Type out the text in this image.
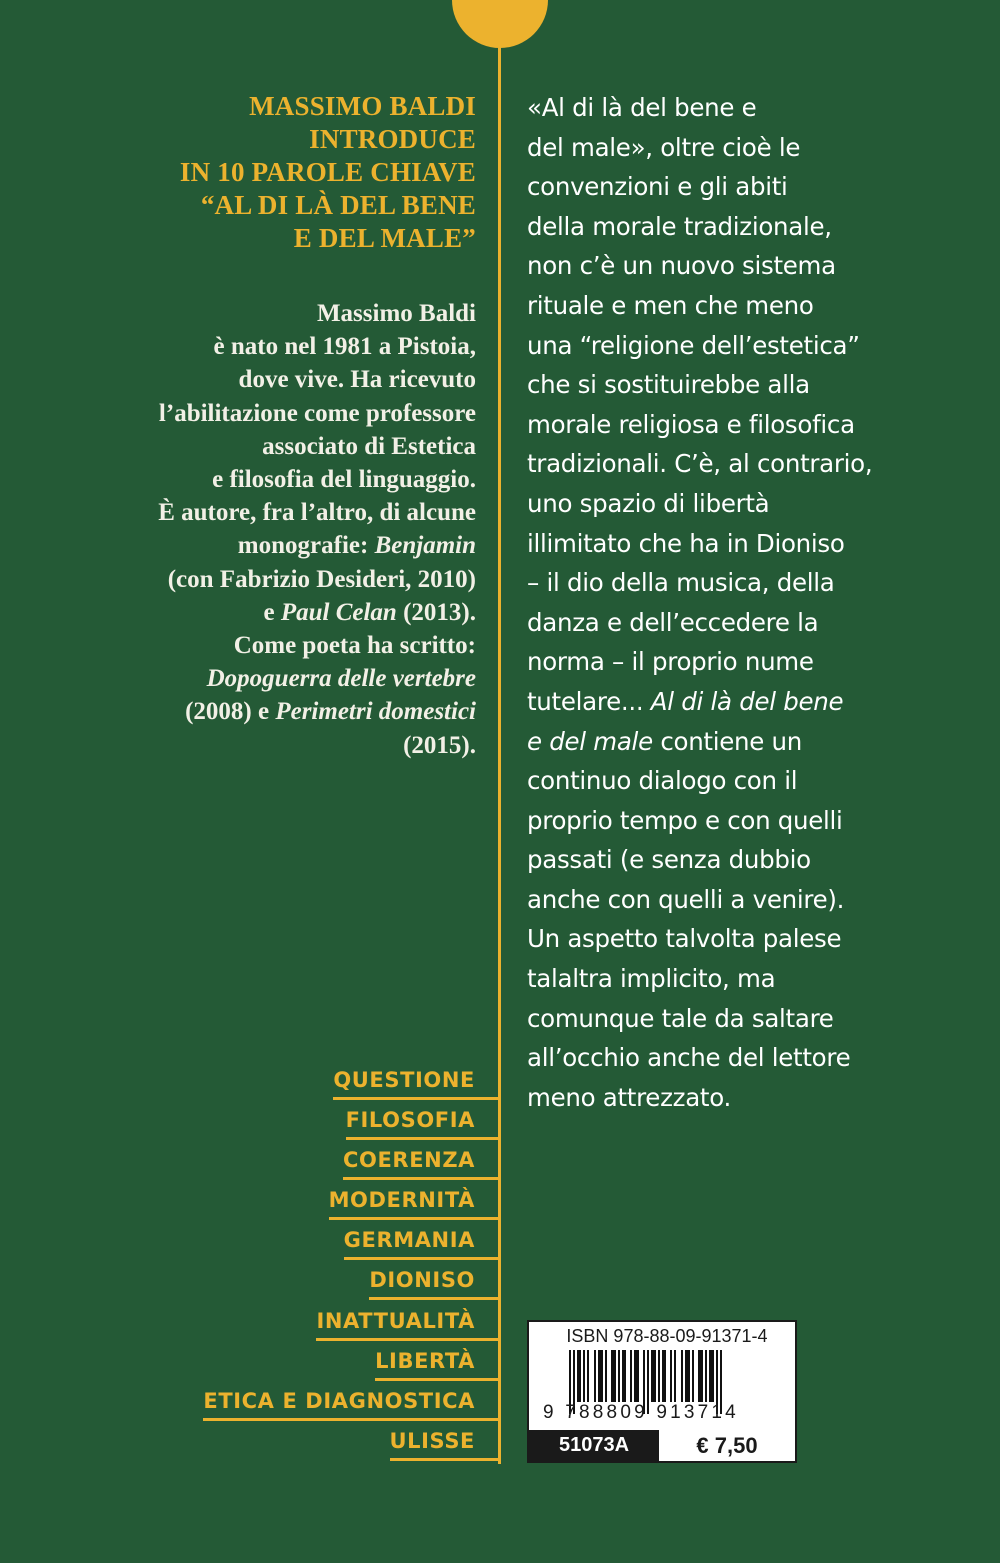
MASSIMO BALDI
INTRODUCE
IN 10 PAROLE CHIAVE
“AL DI LÀ DEL BENE
E DEL MALE”
Massimo Baldi
è nato nel 1981 a Pistoia,
dove vive. Ha ricevuto
l’abilitazione come professore
associato di Estetica
e filosofia del linguaggio.
È autore, fra l’altro, di alcune
monografie: Benjamin
(con Fabrizio Desideri, 2010)
e Paul Celan (2013).
Come poeta ha scritto:
Dopoguerra delle vertebre
(2008) e Perimetri domestici
(2015).
«Al di là del bene e
del male», oltre cioè le
convenzioni e gli abiti
della morale tradizionale,
non c’è un nuovo sistema
rituale e men che meno
una “religione dell’estetica”
che si sostituirebbe alla
morale religiosa e filosofica
tradizionali. C’è, al contrario,
uno spazio di libertà
illimitato che ha in Dioniso
– il dio della musica, della
danza e dell’eccedere la
norma – il proprio nume
tutelare... Al di là del bene
e del male contiene un
continuo dialogo con il
proprio tempo e con quelli
passati (e senza dubbio
anche con quelli a venire).
Un aspetto talvolta palese
talaltra implicito, ma
comunque tale da saltare
all’occhio anche del lettore
meno attrezzato.
QUESTIONE
FILOSOFIA
COERENZA
MODERNITÀ
GERMANIA
DIONISO
INATTUALITÀ
LIBERTÀ
ETICA E DIAGNOSTICA
ULISSE
ISBN 978-88-09-91371-4
9 788809 913714
51073A	€ 7,50
